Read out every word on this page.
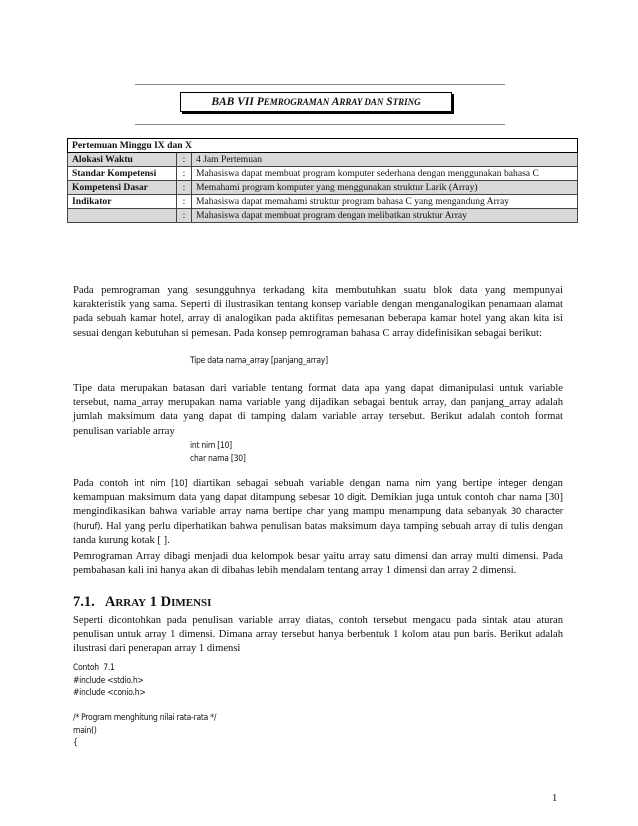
BAB VII PEMROGRAMAN ARRAY DAN STRING
Pertemuan Minggu IX dan X		
Alokasi Waktu	:	4 Jam Pertemuan
Standar Kompetensi	:	Mahasiswa dapat membuat program komputer sederhana dengan menggunakan bahasa C
Kompetensi Dasar	:	Memahami program komputer yang menggunakan struktur Larik (Array)
Indikator	:	Mahasiswa dapat memahami struktur program bahasa C yang mengandung Array
	:	Mahasiswa dapat membuat program dengan melibatkan struktur Array
Pada pemrograman yang sesungguhnya terkadang kita membutuhkan suatu blok data yang mempunyai karakteristik yang sama. Seperti di ilustrasikan tentang konsep variable dengan menganalogikan penamaan alamat pada sebuah kamar hotel, array di analogikan pada aktifitas pemesanan beberapa kamar hotel yang akan kita isi sesuai dengan kebutuhan si pemesan. Pada konsep pemrograman bahasa C array didefinisikan sebagai berikut:
Tipe data nama_array [panjang_array]
Tipe data merupakan batasan dari variable tentang format data apa yang dapat dimanipulasi untuk variable tersebut, nama_array merupakan nama variable yang dijadikan sebagai bentuk array, dan panjang_array adalah jumlah maksimum data yang dapat di tamping dalam variable array tersebut. Berikut adalah contoh format penulisan variable array
int nim [10]
char nama [30]
Pada contoh int nim [10] diartikan sebagai sebuah variable dengan nama nim yang bertipe integer dengan kemampuan maksimum data yang dapat ditampung sebesar 10 digit. Demikian juga untuk contoh char nama [30] mengindikasikan bahwa variable array nama bertipe char yang mampu menampung data sebanyak 30 character (huruf). Hal yang perlu diperhatikan bahwa penulisan batas maksimum daya tamping sebuah array di tulis dengan tanda kurung kotak [ ].
Pemrograman Array dibagi menjadi dua kelompok besar yaitu array satu dimensi dan array multi dimensi. Pada pembahasan kali ini hanya akan di dibahas lebih mendalam tentang array 1 dimensi dan array 2 dimensi.
7.1. ARRAY 1 DIMENSI
Seperti dicontohkan pada penulisan variable array diatas, contoh tersebut mengacu pada sintak atau aturan penulisan untuk array 1 dimensi. Dimana array tersebut hanya berbentuk 1 kolom atau pun baris. Berikut adalah ilustrasi dari penerapan array 1 dimensi
Contoh  7.1
#include <stdio.h>
#include <conio.h>

/* Program menghitung nilai rata-rata */
main()
{
1
